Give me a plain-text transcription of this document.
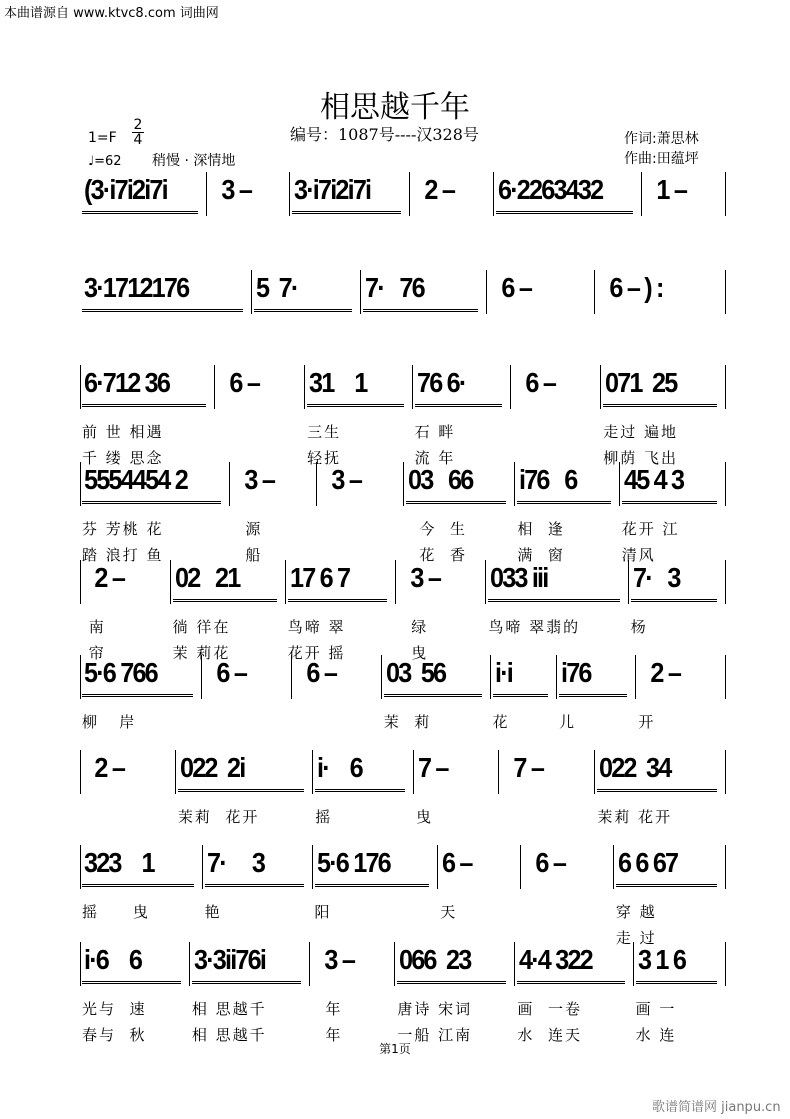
本曲谱源自 www.ktvc8.com 词曲网
相思越千年
编号：1087号----汉328号	作词:萧思林
作曲:田蕴坪
1=F
2
4
♩=62 稍慢 · 深情地
(3·i7i2i7i 3 – 3·i7i2i7i 2 – 6·2263432 1 –
3·1712176 5  7· 7·   76 6 – 6 – ) :
6·712 36
前 世 相遇
千 缕 思念
6 – 31    1
三生
轻抚
76 6·
石 畔
流 年
6 – 071  25
走过 遍地
柳荫 飞出
5554454 2
芬 芳桃 花
踏 浪打 鱼
3 –
源
船
3 – 03   66
今  生
花  香
i76   6
相  逢
满  窗
45 4 3
花开 江
清风
2 –
南
帘
02   21
徜 徉在
茉 莉花
17 6 7
鸟啼 翠
花开 摇
3 –
绿
曳
033 iii
鸟啼 翠翡的
7·   3
杨
5·6 766
柳   岸
6 – 6 – 03  56
茉  莉
i·i
花
i76
儿
2 –
开
2 – 022  2i
茉莉  花开
i·    6
摇
7 –
曳
7 – 022  34
茉莉 花开
323    1
摇     曳
7·     3
艳
5·6 176
阳
6 –
天
6 – 6 6 67
穿 越
走 过
i·6    6
光与  速
春与  秋
3·3ii76i
相 思越千
相 思越千
3 –
年
年
066  23
唐诗 宋词
一船 江南
4·4 322
画  一卷
水  连天
3 1 6
画 一
水 连
第1页
歌谱简谱网 jianpu.cn
